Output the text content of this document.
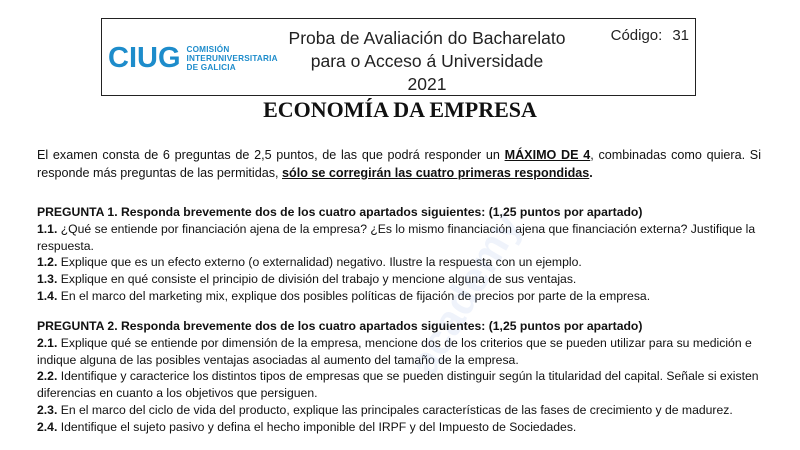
CIUG COMISIÓN
INTERUNIVERSITARIA
DE GALICIA
Proba de Avaliación do Bacharelato
para o Acceso á Universidade
2021
Código: 31
ECONOMÍA DA EMPRESA
El examen consta de 6 preguntas de 2,5 puntos, de las que podrá responder un MÁXIMO DE 4, combinadas como quiera. Si responde más preguntas de las permitidas, sólo se corregirán las cuatro primeras respondidas.
PREGUNTA 1. Responda brevemente dos de los cuatro apartados siguientes: (1,25 puntos por apartado)

1.1. ¿Qué se entiende por financiación ajena de la empresa? ¿Es lo mismo financiación ajena que financiación externa? Justifique la respuesta.

1.2. Explique que es un efecto externo (o externalidad) negativo. Ilustre la respuesta con un ejemplo.

1.3. Explique en qué consiste el principio de división del trabajo y mencione alguna de sus ventajas.

1.4. En el marco del marketing mix, explique dos posibles políticas de fijación de precios por parte de la empresa.

PREGUNTA 2. Responda brevemente dos de los cuatro apartados siguientes: (1,25 puntos por apartado)

2.1. Explique qué se entiende por dimensión de la empresa, mencione dos de los criterios que se pueden utilizar para su medición e indique alguna de las posibles ventajas asociadas al aumento del tamaño de la empresa.

2.2. Identifique y caracterice los distintos tipos de empresas que se pueden distinguir según la titularidad del capital. Señale si existen diferencias en cuanto a los objetivos que persiguen.

2.3. En el marco del ciclo de vida del producto, explique las principales características de las fases de crecimiento y de madurez.

2.4. Identifique el sujeto pasivo y defina el hecho imponible del IRPF y del Impuesto de Sociedades.

academy
